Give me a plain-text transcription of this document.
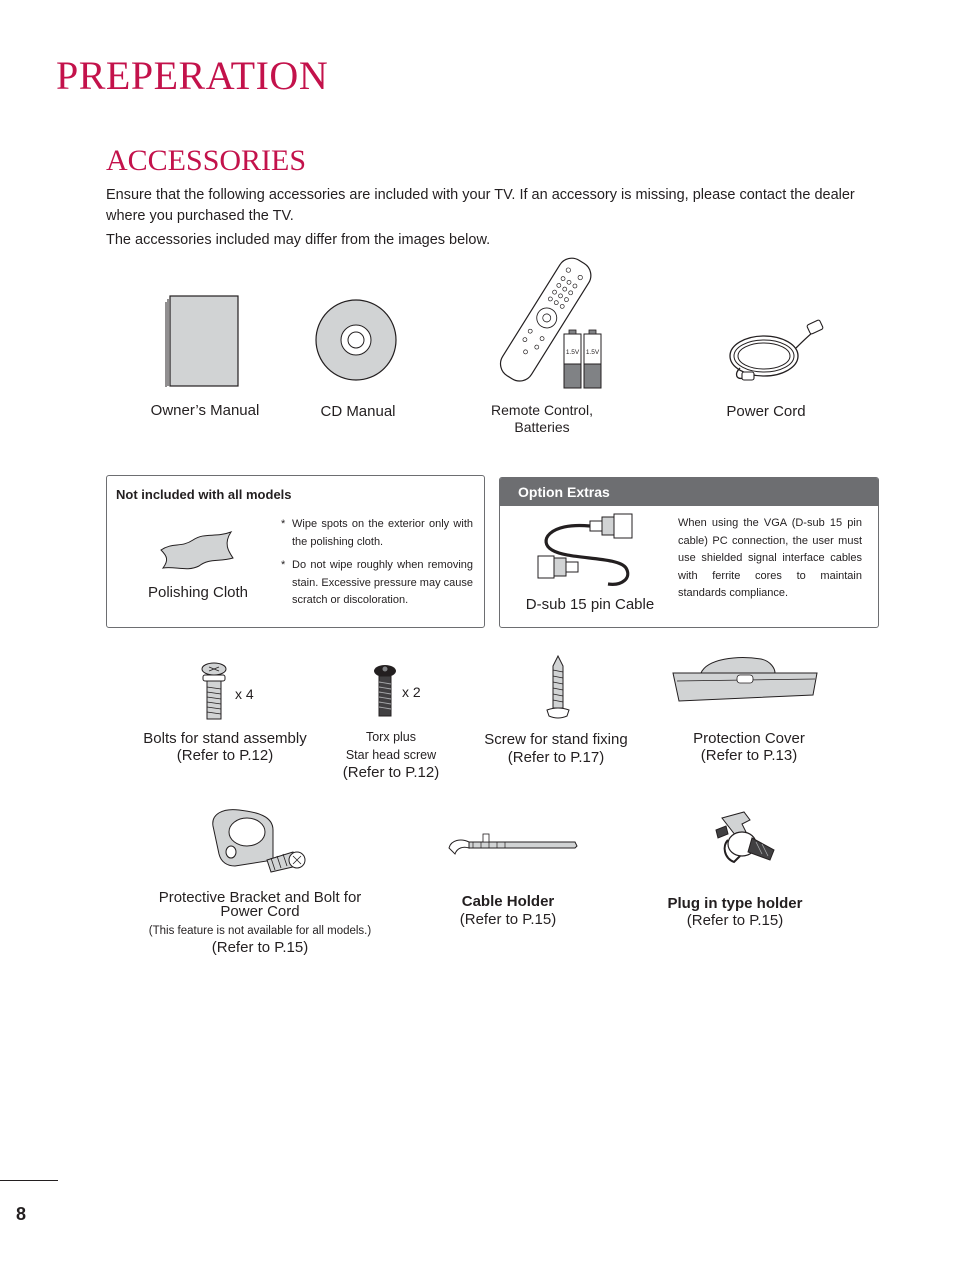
PREPERATION
ACCESSORIES
Ensure that the following accessories are included with your TV. If an accessory is missing, please contact the dealer where you purchased the TV.
The accessories included may differ from the images below.
Owner’s Manual	CD Manual
1.5V	1.5V
Remote Control,
Batteries
Power Cord
Not included with all models
Polishing Cloth
* Wipe spots on the exterior only with the polishing cloth.
* Do not wipe roughly when removing stain. Excessive pressure may cause scratch or discoloration.
Option Extras
D-sub 15 pin Cable
When using the VGA (D-sub 15 pin cable) PC connection, the user must use shielded signal interface cables with ferrite cores to maintain standards compliance.
x 4
Bolts for stand assembly
(Refer to P.12)
x 2
Torx plus
Star head screw
(Refer to P.12)
Screw for stand fixing
(Refer to P.17)
Protection Cover
(Refer to P.13)
Protective Bracket and Bolt for
Power Cord
(This feature is not available for all models.)
(Refer to P.15)
Cable Holder
(Refer to P.15)
Plug in type holder
(Refer to P.15)
8
